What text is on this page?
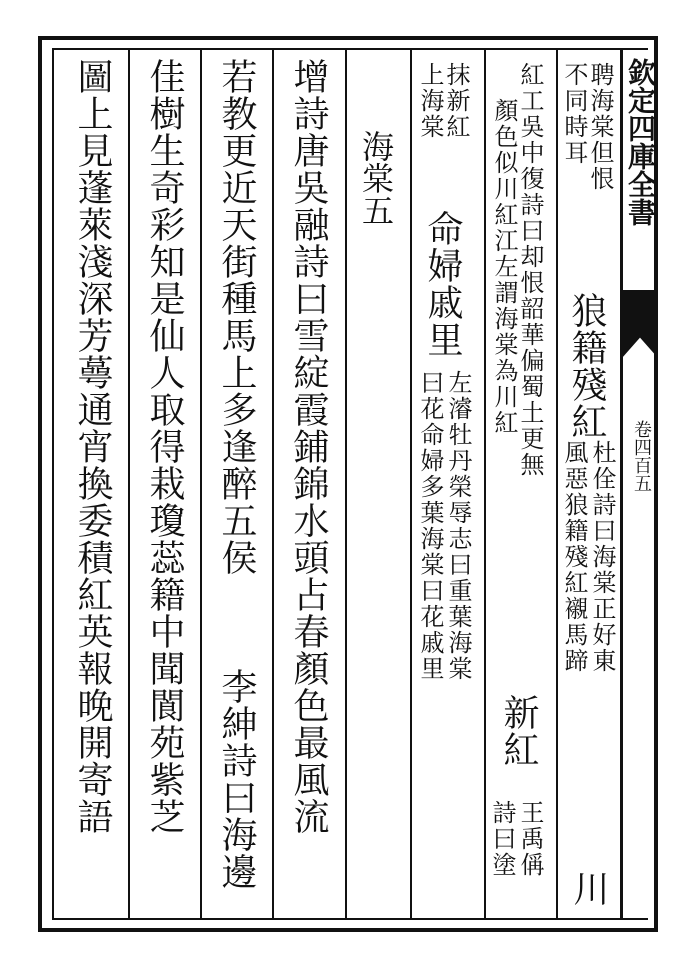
欽定四庫全書
卷四百五
聘海棠但恨
不同時耳
狼籍殘紅
杜佺詩曰海棠正好東
風惡狼籍殘紅襯馬蹄
川
紅工吳中復詩曰却恨韶華偏蜀土更無
顏色似川紅江左謂海棠為川紅
新紅
王禹偁
詩曰塗
抹新紅
上海棠
命婦戚里
左濬牡丹榮辱志曰重葉海棠
曰花命婦多葉海棠曰花戚里
海棠五
增詩唐吳融詩曰雪綻霞鋪錦水頭占春顏色最風流
若教更近天街種馬上多逢醉五侯
李紳詩曰海邊
佳樹生奇彩知是仙人取得栽瓊蕊籍中聞閬苑紫芝
圖上見蓬萊淺深芳蕚通宵換委積紅英報晚開寄語
